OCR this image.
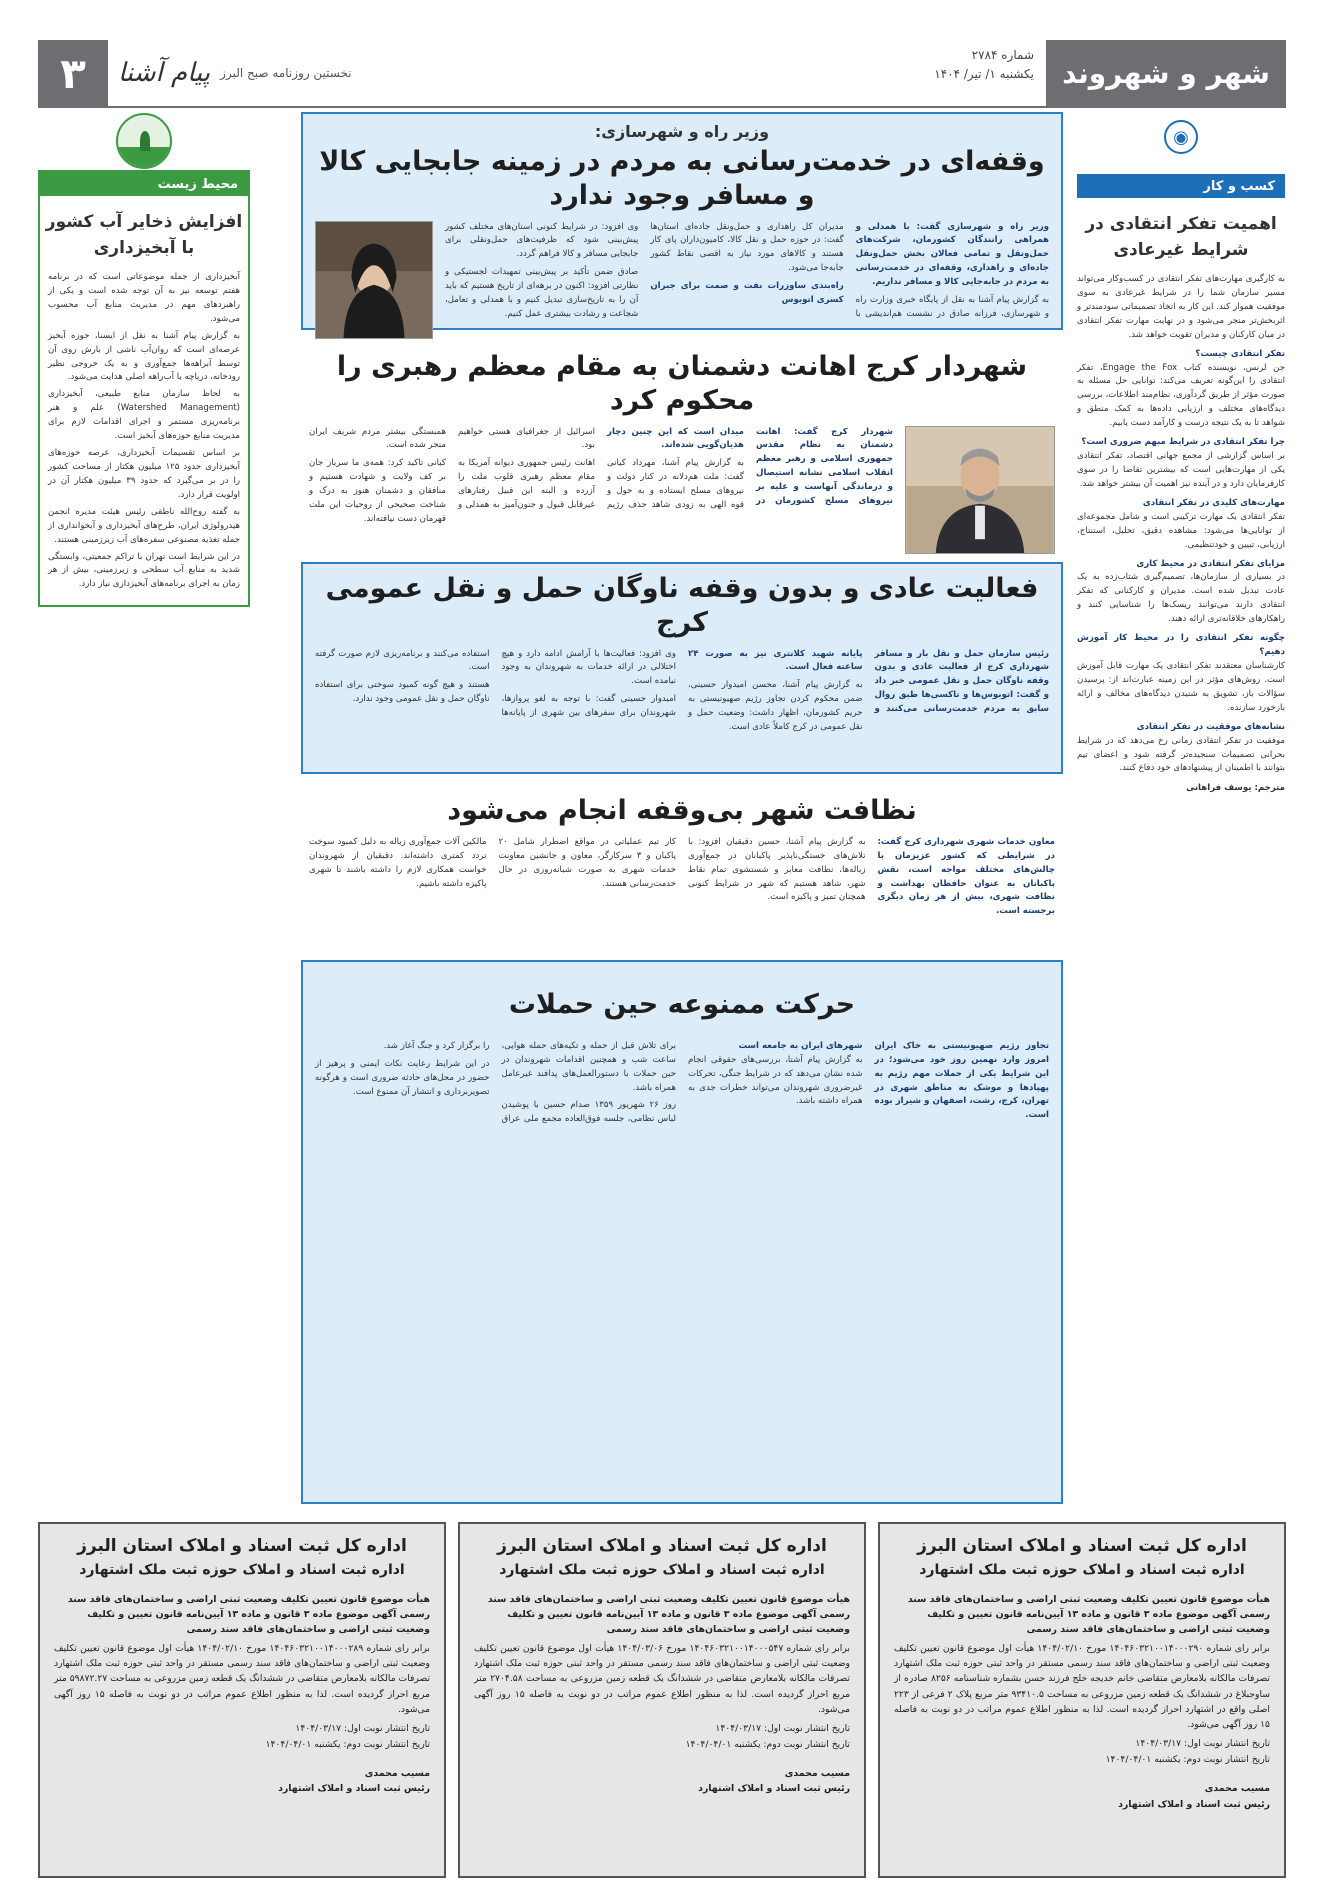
شهر و شهروند
شماره ۲۷۸۴
یکشنبه ۱/ تیر/ ۱۴۰۴
نخستین روزنامه صبح البرز
پیام آشنا
۳
◉
کسب و کار
اهمیت تفکر انتقادی در شرایط غیرعادی

به کارگیری مهارت‌های تفکر انتقادی در کسب‌وکار می‌تواند مسیر سازمان شما را در شرایط غیرعادی به سوی موفقیت هموار کند. این کار به اتخاذ تصمیماتی سودمندتر و اثربخش‌تر منجر می‌شود و در نهایت مهارت تفکر انتقادی در میان کارکنان و مدیران تقویت خواهد شد.

تفکر انتقادی چیست؟

جن لرنس، نویسنده کتاب Engage the Fox، تفکر انتقادی را این‌گونه تعریف می‌کند: توانایی حل مسئله به صورت مؤثر از طریق گردآوری، نظام‌مند اطلاعات، بررسی دیدگاه‌های مختلف و ارزیابی داده‌ها به کمک منطق و شواهد تا به یک نتیجه درست و کارآمد دست یابیم.

چرا تفکر انتقادی در شرایط مبهم ضروری است؟

بر اساس گزارشی از مجمع جهانی اقتصاد، تفکر انتقادی یکی از مهارت‌هایی است که بیشترین تقاضا را در سوی کارفرمایان دارد و در آینده نیز اهمیت آن بیشتر خواهد شد.

مهارت‌های کلیدی در تفکر انتقادی

تفکر انتقادی یک مهارت ترکیبی است و شامل مجموعه‌ای از توانایی‌ها می‌شود: مشاهده دقیق، تحلیل، استنتاج، ارزیابی، تبیین و خودتنظیمی.

مزایای تفکر انتقادی در محیط کاری

در بسیاری از سازمان‌ها، تصمیم‌گیری شتاب‌زده به یک عادت تبدیل شده است. مدیران و کارکنانی که تفکر انتقادی دارند می‌توانند ریسک‌ها را شناسایی کنند و راهکارهای خلاقانه‌تری ارائه دهند.

چگونه تفکر انتقادی را در محیط کار آموزش دهیم؟

کارشناسان معتقدند تفکر انتقادی یک مهارت قابل آموزش است. روش‌های مؤثر در این زمینه عبارت‌اند از: پرسیدن سؤالات باز، تشویق به شنیدن دیدگاه‌های مخالف و ارائه بازخورد سازنده.

نشانه‌های موفقیت در تفکر انتقادی

موفقیت در تفکر انتقادی زمانی رخ می‌دهد که در شرایط بحرانی تصمیمات سنجیده‌تر گرفته شود و اعضای تیم بتوانند با اطمینان از پیشنهادهای خود دفاع کنند.

مترجم: یوسف فراهانی
محیط زیست
افزایش ذخایر آب کشور با آبخیزداری

آبخیزداری از جمله موضوعاتی است که در برنامه هفتم توسعه نیز به آن توجه شده است و یکی از راهبردهای مهم در مدیریت منابع آب محسوب می‌شود.

به گزارش پیام آشنا به نقل از ایسنا، حوزه آبخیز عرصه‌ای است که روان‌آب ناشی از بارش روی آن توسط آبراهه‌ها جمع‌آوری و به یک خروجی نظیر رودخانه، دریاچه یا آب‌راهه اصلی هدایت می‌شود.

به لحاظ سازمان منابع طبیعی، آبخیزداری (Watershed Management) علم و هنر برنامه‌ریزی مستمر و اجرای اقدامات لازم برای مدیریت منابع حوزه‌های آبخیز است.

بر اساس تقسیمات آبخیزداری، عرصه حوزه‌های آبخیزداری حدود ۱۲۵ میلیون هکتار از مساحت کشور را در بر می‌گیرد که حدود ۳۹ میلیون هکتار آن در اولویت قرار دارد.

به گفته روح‌الله ناطقی رئیس هیئت مدیره انجمن هیدرولوژی ایران، طرح‌های آبخیزداری و آبخوانداری از جمله تغذیه مصنوعی سفره‌های آب زیرزمینی هستند.

در این شرایط است تهران با تراکم جمعیتی، وابستگی شدید به منابع آب سطحی و زیرزمینی، بیش از هر زمان به اجرای برنامه‌های آبخیزداری نیاز دارد.

وزیر راه و شهرسازی:
وقفه‌ای در خدمت‌رسانی به مردم در زمینه جابجایی کالا و مسافر وجود ندارد

وزیر راه و شهرسازی گفت: با همدلی و همراهی رانندگان کشورمان، شرکت‌های حمل‌ونقل و تمامی فعالان بخش حمل‌ونقل جاده‌ای و راهداری، وقفه‌ای در خدمت‌رسانی به مردم در جابه‌جایی کالا و مسافر نداریم.

به گزارش پیام آشنا به نقل از پایگاه خبری وزارت راه و شهرسازی، فرزانه صادق در نشست هم‌اندیشی با مدیران کل راهداری و حمل‌ونقل جاده‌ای استان‌ها گفت: در حوزه حمل و نقل کالا، کامیون‌داران پای کار هستند و کالاهای مورد نیاز به اقصی نقاط کشور جابه‌جا می‌شود.

راه‌بندی ساوزرات نفت و صمت برای جبران کسری اتوبوس

وی افزود: در شرایط کنونی استان‌های مختلف کشور پیش‌بینی شود که ظرفیت‌های حمل‌ونقلی برای جابجایی مسافر و کالا فراهم گردد.

صادق ضمن تأکید بر پیش‌بینی تمهیدات لجستیکی و نظارتی افزود: اکنون در برهه‌ای از تاریخ هستیم که باید آن را به تاریخ‌سازی تبدیل کنیم و با همدلی و تعامل، شجاعت و رشادت بیشتری عمل کنیم.

شهردار کرج اهانت دشمنان به مقام معظم رهبری را محکوم کرد

شهردار کرج گفت: اهانت دشمنان به نظام مقدس جمهوری اسلامی و رهبر معظم انقلاب اسلامی نشانه استیصال و درماندگی آنهاست و علیه بر نیروهای مسلح کشورمان در میدان است که این چنین دچار هذیان‌گویی شده‌اند.

به گزارش پیام آشنا، مهرداد کیانی گفت: ملت هم‌دلانه در کنار دولت و نیروهای مسلح ایستاده و به حول و قوه الهی به زودی شاهد حذف رژیم اسرائیل از جغرافیای هستی خواهیم بود.

اهانت رئیس جمهوری دیوانه آمریکا به مقام معظم رهبری قلوب ملت را آزرده و البته این قبیل رفتارهای غیرقابل قبول و جنون‌آمیز به همدلی و همبستگی بیشتر مردم شریف ایران منجر شده است.

کیانی تاکید کرد: همه‌ی ما سرباز جان بر کف ولایت و شهادت هستیم و منافقان و دشمنان هنوز به درک و شناخت صحیحی از روحیات این ملت قهرمان دست نیافته‌اند.

فعالیت عادی و بدون وقفه ناوگان حمل و نقل عمومی کرج

رئیس سازمان حمل و نقل بار و مسافر شهرداری کرج از فعالیت عادی و بدون وقفه ناوگان حمل و نقل عمومی خبر داد و گفت: اتوبوس‌ها و تاکسی‌ها طبق روال سابق به مردم خدمت‌رسانی می‌کنند و پایانه شهید کلانتری نیز به صورت ۲۴ ساعته فعال است.

به گزارش پیام آشنا، محسن امیدوار حسینی، ضمن محکوم کردن تجاوز رژیم صهیونیستی به حریم کشورمان، اظهار داشت: وضعیت حمل و نقل عمومی در کرج کاملاً عادی است.

وی افزود: فعالیت‌ها با آرامش ادامه دارد و هیچ اختلالی در ارائه خدمات به شهروندان به وجود نیامده است.

امیدوار حسینی گفت: با توجه به لغو پروازها، شهروندان برای سفرهای بین شهری از پایانه‌ها استفاده می‌کنند و برنامه‌ریزی لازم صورت گرفته است.

هستند و هیچ گونه کمبود سوختی برای استفاده ناوگان حمل و نقل عمومی وجود ندارد.

نظافت شهر بی‌وقفه انجام می‌شود

معاون خدمات شهری شهرداری کرج گفت: در شرایطی که کشور عزیزمان با چالش‌های مختلف مواجه است، نقش پاکبانان به عنوان حافظان بهداشت و نظافت شهری، بیش از هر زمان دیگری برجسته است.

به گزارش پیام آشنا، حسین دقیقیان افزود: با تلاش‌های خستگی‌ناپذیر پاکبانان در جمع‌آوری زباله‌ها، نظافت معابر و شستشوی تمام نقاط شهر، شاهد هستیم که شهر در شرایط کنونی همچنان تمیز و پاکیزه است.

کار تیم عملیاتی در مواقع اضطرار شامل ۲۰ پاکبان و ۳ سرکارگر، معاون و جانشین معاونت خدمات شهری به صورت شبانه‌روزی در حال خدمت‌رسانی هستند.

مالکین آلات جمع‌آوری زباله به دلیل کمبود سوخت تردد کمتری داشته‌اند. دقیقیان از شهروندان خواست همکاری لازم را داشته باشند تا شهری پاکیزه داشته باشیم.

حرکت ممنوعه حین حملات

تجاوز رژیم صهیونیستی به خاک ایران امروز وارد نهمین روز خود می‌شود؛ در این شرایط یکی از حملات مهم رژیم به پهپادها و موشک به مناطق شهری در تهران، کرج، رشت، اصفهان و شیراز بوده است.

شهرهای ایران به جامعه است

به گزارش پیام آشنا، بررسی‌های حقوقی انجام شده نشان می‌دهد که در شرایط جنگی، تحرکات غیرضروری شهروندان می‌تواند خطرات جدی به همراه داشته باشد.

برای تلاش قبل از حمله و تکیه‌های حمله هوایی، ساعت شب و همچنین اقدامات شهروندان در حین حملات با دستورالعمل‌های پدافند غیرعامل همراه باشد.

روز ۲۶ شهریور ۱۳۵۹ صدام حسین با پوشیدن لباس نظامی، جلسه فوق‌العاده مجمع ملی عراق را برگزار کرد و جنگ آغاز شد.

در این شرایط رعایت نکات ایمنی و پرهیز از حضور در محل‌های حادثه ضروری است و هرگونه تصویربرداری و انتشار آن ممنوع است.

اداره کل ثبت اسناد و املاک استان البرز
اداره ثبت اسناد و املاک حوزه ثبت ملک اشتهارد
هیأت موضوع قانون تعیین تکلیف وضعیت ثبتی اراضی و ساختمان‌های فاقد سند رسمی آگهی موضوع ماده ۳ قانون و ماده ۱۳ آیین‌نامه قانون تعیین و تکلیف وضعیت ثبتی اراضی و ساختمان‌های فاقد سند رسمی
برابر رای شماره ۱۴۰۴۶۰۳۲۱۰۰۱۴۰۰۰۲۹۰ مورخ ۱۴۰۴/۰۲/۱۰ هیأت اول موضوع قانون تعیین تکلیف وضعیت ثبتی اراضی و ساختمان‌های فاقد سند رسمی مستقر در واحد ثبتی حوزه ثبت ملک اشتهارد تصرفات مالکانه بلامعارض متقاضی خانم خدیجه خلج فرزند حسن بشماره شناسنامه ۸۲۵۶ صادره از ساوجبلاغ در ششدانگ یک قطعه زمین مزروعی به مساحت ۹۳۴۱۰.۵ متر مربع پلاک ۲ فرعی از ۲۲۳ اصلی واقع در اشتهارد احراز گردیده است. لذا به منظور اطلاع عموم مراتب در دو نوبت به فاصله ۱۵ روز آگهی می‌شود.
تاریخ انتشار نوبت اول: ۱۴۰۴/۰۳/۱۷
تاریخ انتشار نوبت دوم: یکشنبه ۱۴۰۴/۰۴/۰۱
مسیب محمدی
رئیس ثبت اسناد و املاک اشتهارد
اداره کل ثبت اسناد و املاک استان البرز
اداره ثبت اسناد و املاک حوزه ثبت ملک اشتهارد
هیأت موضوع قانون تعیین تکلیف وضعیت ثبتی اراضی و ساختمان‌های فاقد سند رسمی آگهی موضوع ماده ۳ قانون و ماده ۱۳ آیین‌نامه قانون تعیین و تکلیف وضعیت ثبتی اراضی و ساختمان‌های فاقد سند رسمی
برابر رای شماره ۱۴۰۴۶۰۳۲۱۰۰۱۴۰۰۰۵۴۷ مورخ ۱۴۰۴/۰۳/۰۶ هیأت اول موضوع قانون تعیین تکلیف وضعیت ثبتی اراضی و ساختمان‌های فاقد سند رسمی مستقر در واحد ثبتی حوزه ثبت ملک اشتهارد تصرفات مالکانه بلامعارض متقاضی در ششدانگ یک قطعه زمین مزروعی به مساحت ۲۷۰۴.۵۸ متر مربع احراز گردیده است. لذا به منظور اطلاع عموم مراتب در دو نوبت به فاصله ۱۵ روز آگهی می‌شود.
تاریخ انتشار نوبت اول: ۱۴۰۴/۰۳/۱۷
تاریخ انتشار نوبت دوم: یکشنبه ۱۴۰۴/۰۴/۰۱
مسیب محمدی
رئیس ثبت اسناد و املاک اشتهارد
اداره کل ثبت اسناد و املاک استان البرز
اداره ثبت اسناد و املاک حوزه ثبت ملک اشتهارد
هیأت موضوع قانون تعیین تکلیف وضعیت ثبتی اراضی و ساختمان‌های فاقد سند رسمی آگهی موضوع ماده ۳ قانون و ماده ۱۳ آیین‌نامه قانون تعیین و تکلیف وضعیت ثبتی اراضی و ساختمان‌های فاقد سند رسمی
برابر رای شماره ۱۴۰۴۶۰۳۲۱۰۰۱۴۰۰۰۲۸۹ مورخ ۱۴۰۴/۰۲/۱۰ هیأت اول موضوع قانون تعیین تکلیف وضعیت ثبتی اراضی و ساختمان‌های فاقد سند رسمی مستقر در واحد ثبتی حوزه ثبت ملک اشتهارد تصرفات مالکانه بلامعارض متقاضی در ششدانگ یک قطعه زمین مزروعی به مساحت ۵۹۸۷۲.۲۷ متر مربع احراز گردیده است. لذا به منظور اطلاع عموم مراتب در دو نوبت به فاصله ۱۵ روز آگهی می‌شود.
تاریخ انتشار نوبت اول: ۱۴۰۴/۰۳/۱۷
تاریخ انتشار نوبت دوم: یکشنبه ۱۴۰۴/۰۴/۰۱
مسیب محمدی
رئیس ثبت اسناد و املاک اشتهارد
